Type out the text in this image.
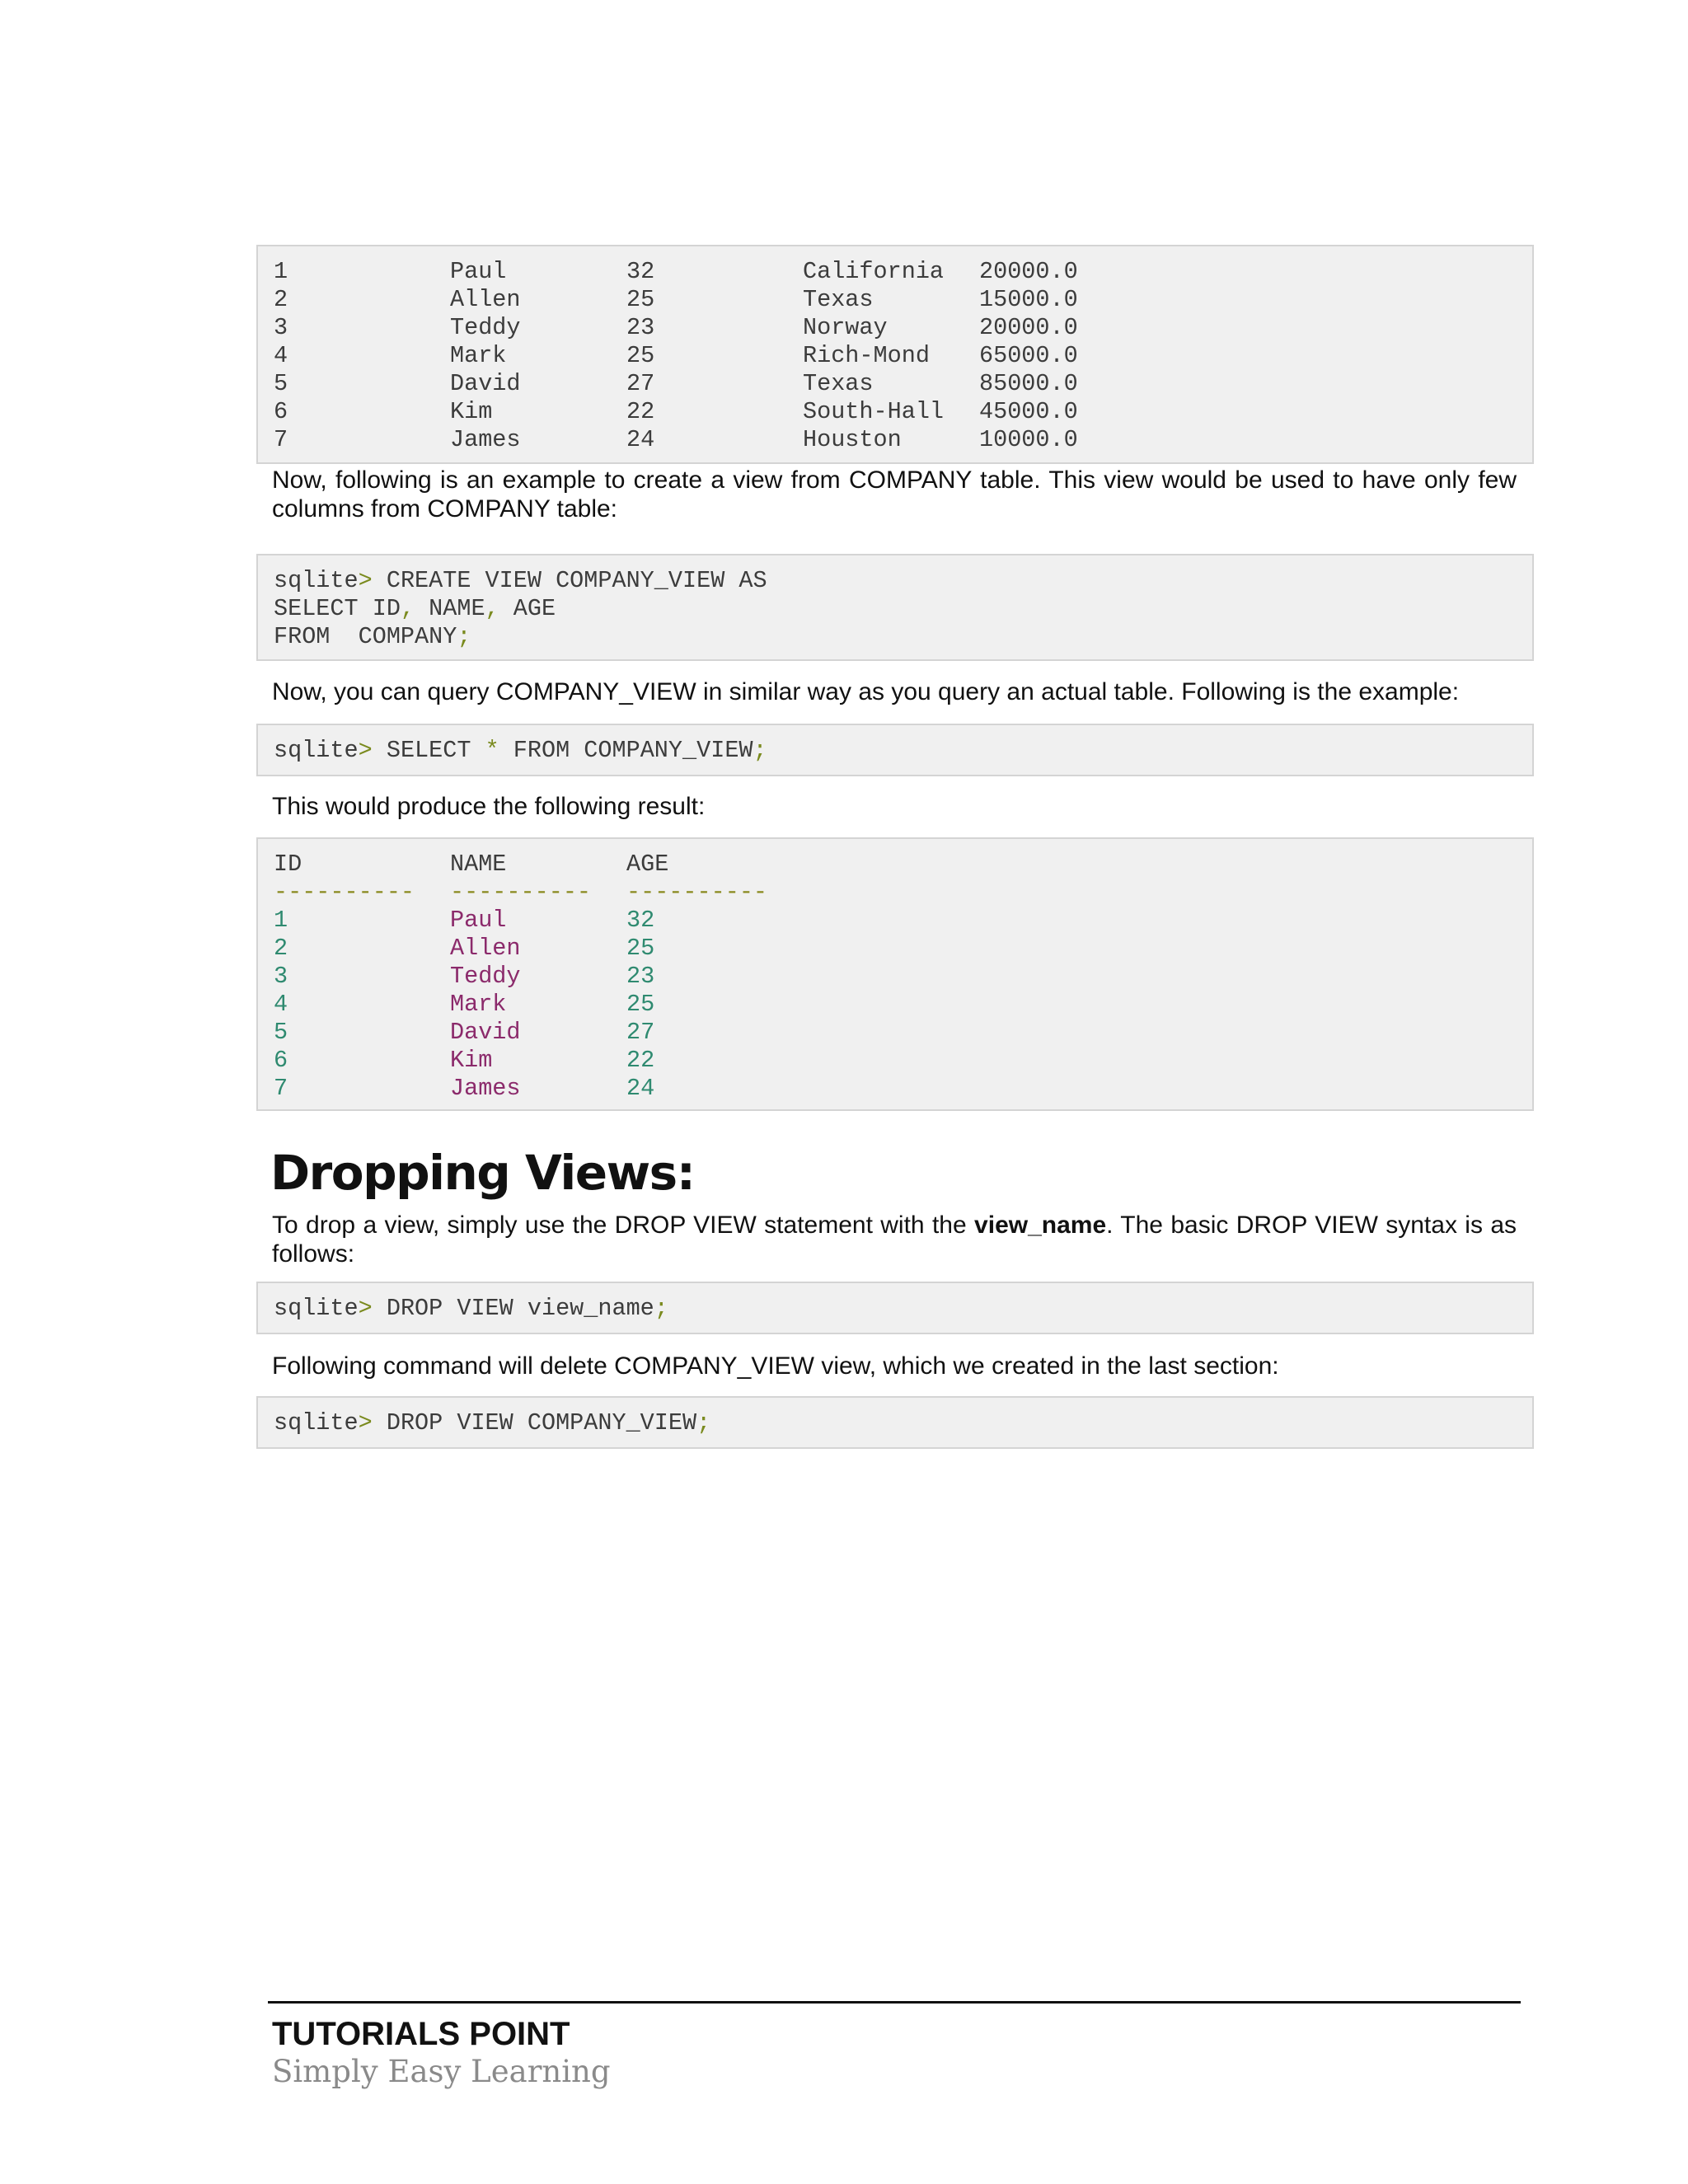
1	Paul	32	California 20000.0
2	Allen	25	Texas	15000.0
3	Teddy	23	Norway	20000.0
4	Mark	25	Rich-Mond 65000.0
5	David	27	Texas	85000.0
6	Kim	22	South-Hall 45000.0
7	James	24	Houston	10000.0

Now, following is an example to create a view from COMPANY table. This view would be used to have only few columns from COMPANY table:

sqlite> CREATE VIEW COMPANY_VIEW AS
SELECT ID, NAME, AGE
FROM  COMPANY;

Now, you can query COMPANY_VIEW in similar way as you query an actual table. Following is the example:

sqlite> SELECT * FROM COMPANY_VIEW;

This would produce the following result:

ID	NAME	AGE
---------- ---------- ----------
1	Paul	32
2	Allen	25
3	Teddy	23
4	Mark	25
5	David	27
6	Kim	22
7	James	24
Dropping Views:

To drop a view, simply use the DROP VIEW statement with the view_name. The basic DROP VIEW syntax is as follows:

sqlite> DROP VIEW view_name;

Following command will delete COMPANY_VIEW view, which we created in the last section:

sqlite> DROP VIEW COMPANY_VIEW;
TUTORIALS POINT
Simply Easy Learning
